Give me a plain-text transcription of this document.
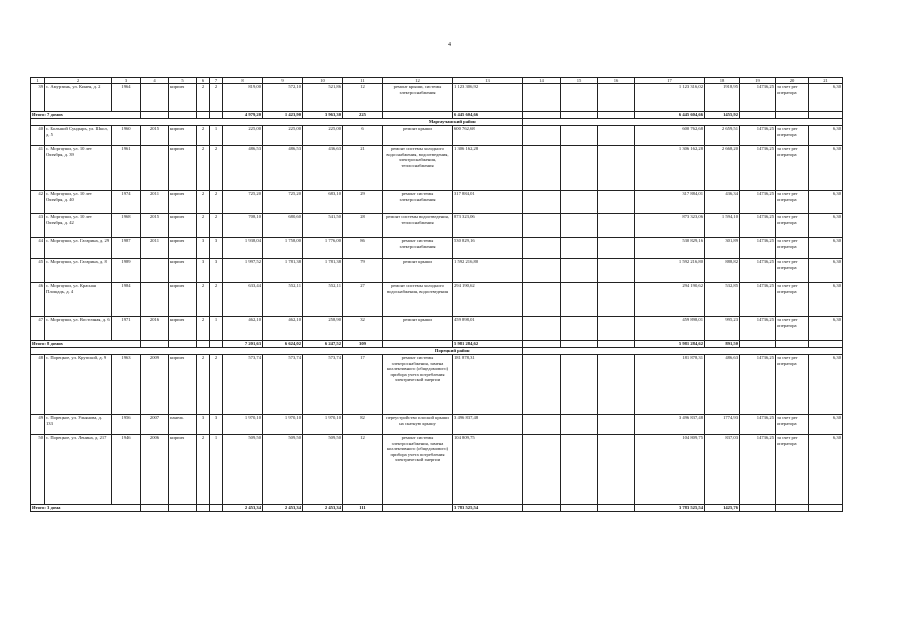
4
1	2	3	4	5	6	7	8	9	10	11	12	13	14	15	16	17	18	19	20	21
39	с. Амурзинь, ул. Кинея, д. 2	1964		кирпич	2	2	819,00	572,10	521,86	12	ремонт крыши, системы электроснабжения	1 123 306,92				1 123 316,02	1918,95	14736,25	за счет рег оператора	6,30
Итого: 7 домов							4 979,20	1 423,90	3 963,30	225		6 445 604,66				6 445 604,66	1455,92			
											Маргаучанский район									
40	с. Большой Сундырь, ул. Школ, д. 5	1960	2015	кирпич	2	1	225,00	225,00	225,00	6	ремонт крыши	600 762,68				600 762,68	2 659,51	14736,25	за счет рег оператора	6,30
41	с. Моргауши, ул. 10 лет Октября, д. 39	1961		кирпич	2	2	486,53	486,53	436,63	21	ремонт системы холодного водоснабжения, водоотведения, электроснабжения, теплоснабжения	1 306 162,28				1 306 162,28	2 668,20	14736,25	за счет рег оператора	6,30
42	с. Моргауши, ул. 10 лет Октября, д. 40	1974	2011	кирпич	2	2	725,20	725,20	683,10	29	ремонт системы электроснабжения	317 884,01				317 884,01	436,34	14736,25	за счет рег оператора	6,30
43	с. Моргауши, ул. 10 лет Октября, д. 42	1968	2015	кирпич	2	2	708,10	680,60	541,50	28	ремонт системы водоотведения, теплоснабжения	873 323,06				873 323,06	1 594,10	14736,25	за счет рег оператора	6,30
44	с. Моргауши, ул. Гагарина, д. 29	1987	2011	кирпич	3	3	1 938,04	1 758,00	1 776,00	86	ремонт системы электроснабжения	530 829,16				530 829,16	301,89	14736,25	за счет рег оператора	6,30
45	с. Моргауши, ул. Гагарина, д. 8	1989		кирпич	3	3	1 997,52	1 781,38	1 781,38	79	ремонт крыши	1 592 216,80				1 592 216,80	888,82	14736,25	за счет рег оператора	6,30
46	с. Моргауши, ул. Красная Площадь, д. 4	1984		кирпич	2	2	633,44	552,11	552,11	27	ремонт системы холодного водоснабжения, водоотведения	294 190,62				294 190,62	532,85	14736,25	за счет рег оператора	6,30
47	с. Моргауши, ул. Восточная, д. 6	1971	2016	кирпич	2	1	462,10	462,10	258,90	32	ремонт крыши	459 898,01				459 898,01	995,23	14736,25	за счет рег оператора	6,30
Итого: 8 домов							7 201,63	6 624,02	6 247,52	309		5 981 284,62				5 981 284,62	891,50			
											Порецкий район									
48	с. Порецкое, ул. Крупской, д. 9	1963	2009	кирпич	2	2	573,74	573,74	573,74	17	ремонт системы электроснабжения, замена коллективного (общедомового) прибора учета потребления электрической энергии	181 878,31				181 878,31	486,63	14736,25	за счет рег оператора	6,30
49	с. Порецкое, ул. Ульянова, д. 133	1956	2007	панель	3	3	1 970,10	1 970,10	1 970,10	82	переустройство плоской крыши на скатную крышу	3 496 837,48				3 496 837,48	1774,93	14736,25	за счет рег оператора	6,30
50	с. Порецкое, ул. Ленина, д. 217	1946	2006	кирпич	2	1	509,50	509,50	509,50	12	ремонт системы электроснабжения, замена коллективного (общедомового) прибора учета потребления электрической энергии	104 809,75				104 809,75	837,03	14736,25	за счет рег оператора	6,30
Итого: 3 дома							2 453,34	2 453,34	2 453,34	111		3 783 525,54				3 783 525,54	1425,76			
